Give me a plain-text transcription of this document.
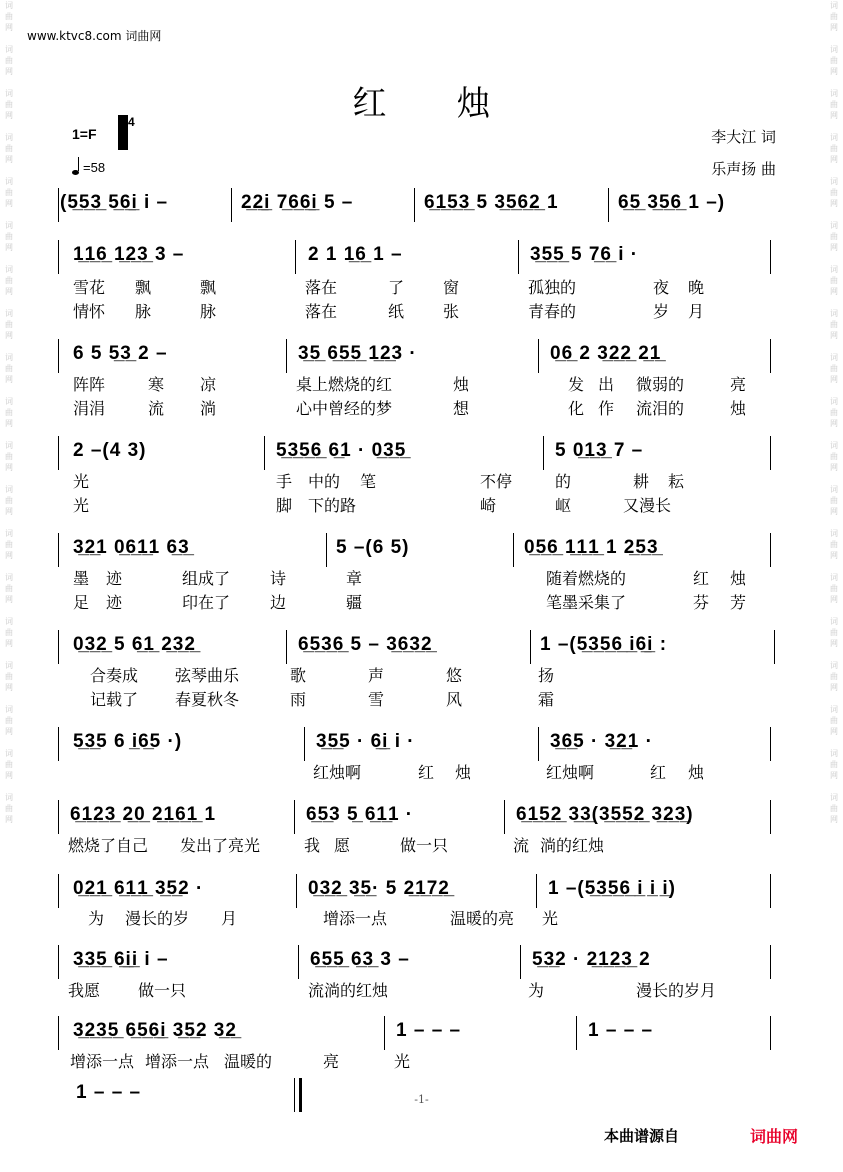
词
曲
网

词
曲
网

词
曲
网

词
曲
网

词
曲
网

词
曲
网

词
曲
网

词
曲
网

词
曲
网

词
曲
网

词
曲
网

词
曲
网

词
曲
网

词
曲
网

词
曲
网

词
曲
网

词
曲
网

词
曲
网

词
曲
网

词
曲
网

词
曲
网

词
曲
网

词
曲
网

词
曲
网

词
曲
网

词
曲
网

词
曲
网

词
曲
网

词
曲
网

词
曲
网

词
曲
网

词
曲
网

词
曲
网

词
曲
网

词
曲
网

词
曲
网

词
曲
网

词
曲
网

www.ktvc8.com 词曲网
红烛
1=F
4
=58
李大江 词
乐声扬 曲
(5̲5̲3̲ 5̲6̲i̲ i –	2̲2̲i̲ 7̲6̲6̲i̲ 5 –	6̲1̲5̲3̲ 5 3̲5̲6̲2̲ 1	6̲5̲ 3̲5̲6̲ 1 –)
1̲1̲6̲ 1̲2̲3̲ 3 –	2 1 1̲6̲ 1 –	3̲5̲5̲ 5 7̲6̲ i ·
雪花 飘	飘	落在	了 窗	孤独的	夜 晚
情怀 脉	脉	落在	纸 张	青春的	岁 月
6 5 5̲3̲ 2 –	3̲5̲ 6̲5̲5̲ 1̲2̲3 ·	0̲6̲ 2 3̲2̲2̲ 2̲1̲
阵阵	寒 凉	桌上燃烧的红	烛	发 出 微弱的	亮
涓涓	流 淌	心中曾经的梦	想	化 作 流泪的	烛
2 –(4 3)	5̲3̲5̲6̲ 6̲1 · 0̲3̲5̲	5 0̲1̲3̲ 7 –
光	手 中的 笔	不停	的	耕 耘
光	脚 下的路	崎	岖	又漫长
3̲2̲1 0̲6̲1̲1 6̲3̲	5 –(6 5)	0̲5̲6̲ 1̲1̲1̲ 1 2̲5̲3̲
墨 迹	组成了 诗	章	随着燃烧的	红 烛
足 迹	印在了 边	疆	笔墨采集了	芬 芳
0̲3̲2̲ 5 6̲1̲ 2̲3̲2̲	6̲5̲3̲6̲ 5 – 3̲6̲3̲2̲	1 –(5̲3̲5̲6̲ i̲6̲i̲ :
合奏成 弦琴曲乐	歌	声	悠	扬
记载了 春夏秋冬	雨	雪	风	霜
5̲3̲5 6 i̲6̲5 ·)	3̲5̲5 · 6̲i̲ i ·	3̲6̲5 · 3̲2̲1 ·
红烛啊	红 烛	红烛啊	红 烛
6̲1̲2̲3̲ 2̲0̲ 2̲1̲6̲1̲ 1	6̲5̲3 5̲ 6̲1̲1 ·	6̲1̲5̲2̲ 3̲3̲(3̲5̲5̲2̲ 3̲2̲3̲)
燃烧了自己 发出了亮光	我 愿	做一只	流 淌的红烛
0̲2̲1̲ 6̲1̲1̲ 3̲5̲2 ·	0̲3̲2̲ 3̲5̲· 5 2̲1̲7̲2̲	1 –(5̲3̲5̲6̲ i̲ i̲ i̲)
为 漫长的岁 月	增添一点	温暖的亮 光
3̲3̲5̲ 6̲i̲i̲ i –	6̲5̲5̲ 6̲3̲ 3 –	5̲3̲2 · 2̲1̲2̲3̲ 2
我愿 做一只	流淌的红烛	为	漫长的岁月
3̲2̲3̲5̲ 6̲5̲6̲i̲ 3̲5̲2 3̲2̲	1 – – –	1 – – –
增添一点 增添一点 温暖的	亮	光
1 – – –	-1-
本曲谱源自	词曲网
